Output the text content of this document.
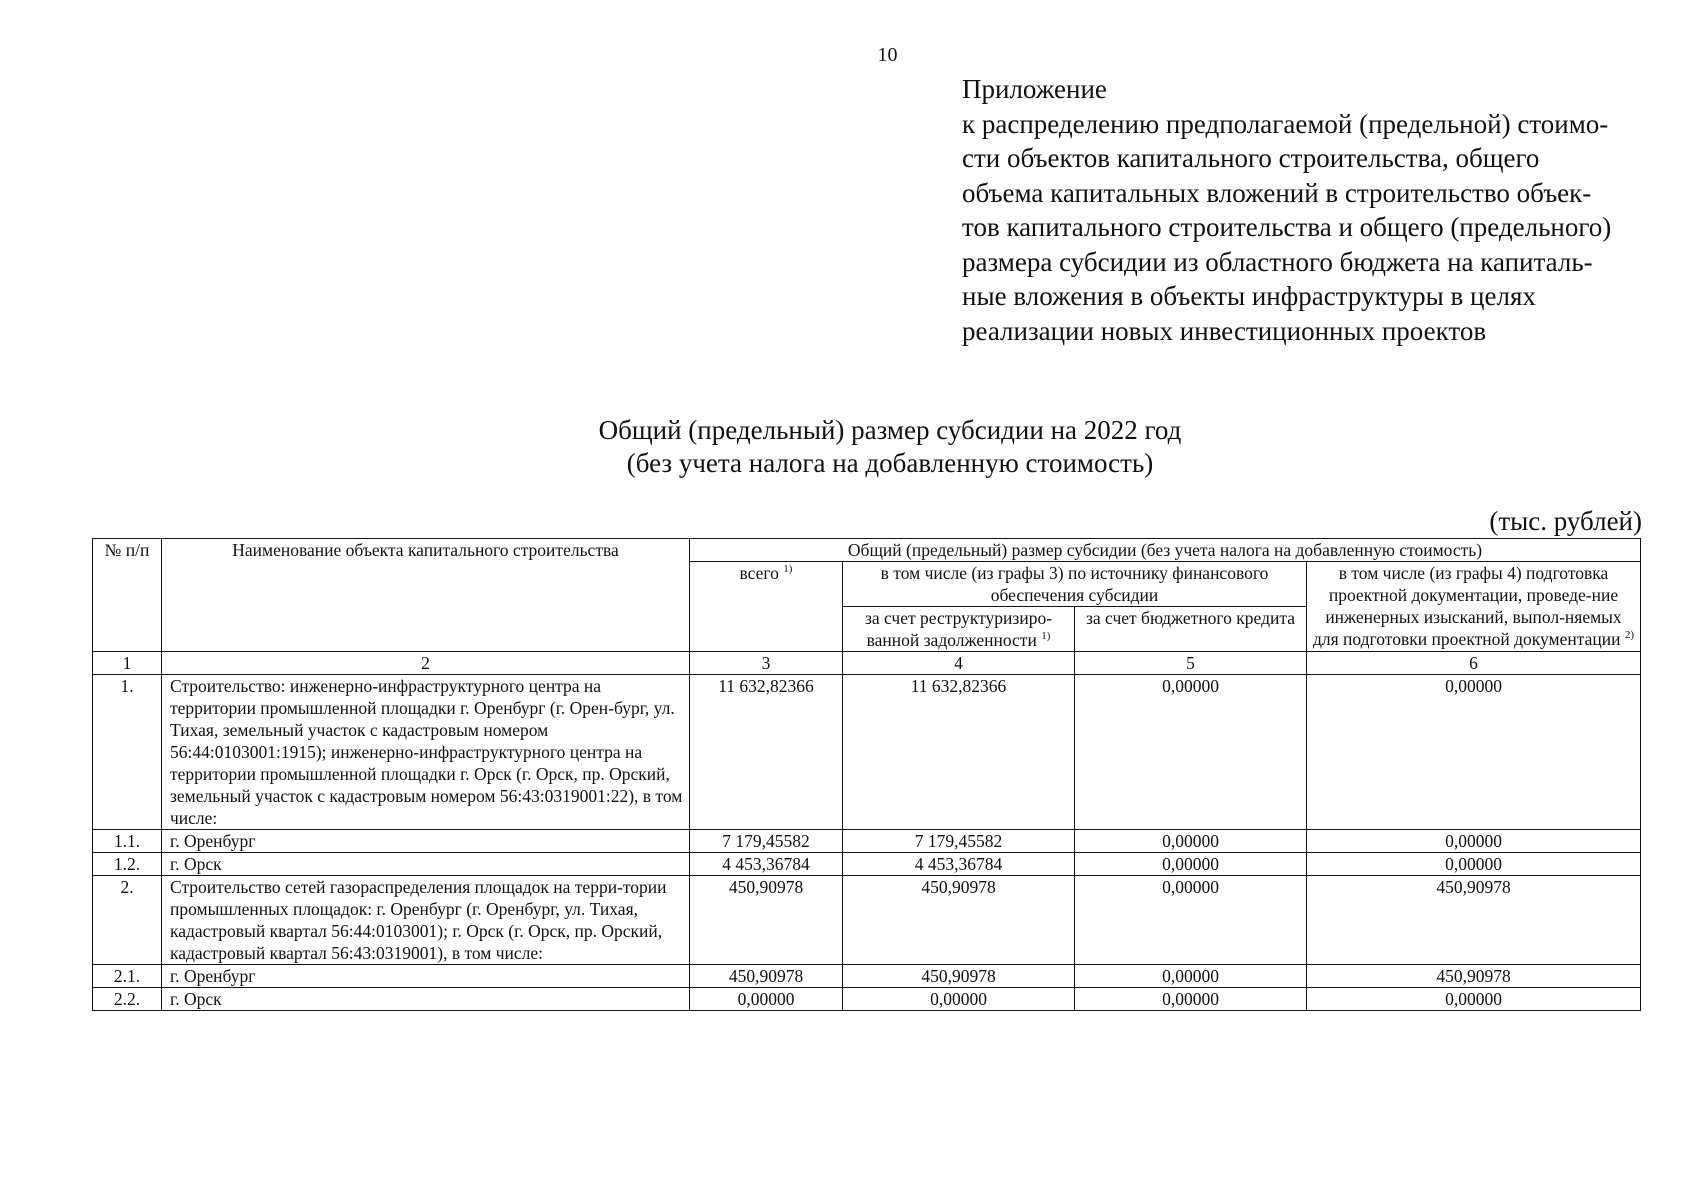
10
Приложение
к распределению предполагаемой (предельной) стоимо-
сти объектов капитального строительства, общего
объема капитальных вложений в строительство объек-
тов капитального строительства и общего (предельного)
размера субсидии из областного бюджета на капиталь-
ные вложения в объекты инфраструктуры в целях
реализации новых инвестиционных проектов
Общий (предельный) размер субсидии на 2022 год
(без учета налога на добавленную стоимость)
(тыс. рублей)
№ п/п	Наименование объекта капитального строительства	Общий (предельный) размер субсидии (без учета налога на добавленную стоимость)			
		всего $^{1)}$	в том числе (из графы 3) по источнику финансового обеспечения субсидии		в том числе (из графы 4) подготовка проектной документации, проведе-ние инженерных изысканий, выпол-няемых для подготовки проектной документации $^{2)}$
			за счет реструктуризиро-ванной задолженности $^{1)}$	за счет бюджетного кредита	
1	2	3	4	5	6
1.	Строительство: инженерно-инфраструктурного центра на территории промышленной площадки г. Оренбург (г. Орен-бург, ул. Тихая, земельный участок с кадастровым номером 56:44:0103001:1915); инженерно-инфраструктурного центра на территории промышленной площадки г. Орск (г. Орск, пр. Орский, земельный участок с кадастровым номером 56:43:0319001:22), в том числе:	11 632,82366	11 632,82366	0,00000	0,00000
1.1.	г. Оренбург	7 179,45582	7 179,45582	0,00000	0,00000
1.2.	г. Орск	4 453,36784	4 453,36784	0,00000	0,00000
2.	Строительство сетей газораспределения площадок на терри-тории промышленных площадок: г. Оренбург (г. Оренбург, ул. Тихая, кадастровый квартал 56:44:0103001); г. Орск (г. Орск, пр. Орский, кадастровый квартал 56:43:0319001), в том числе:	450,90978	450,90978	0,00000	450,90978
2.1.	г. Оренбург	450,90978	450,90978	0,00000	450,90978
2.2.	г. Орск	0,00000	0,00000	0,00000	0,00000
